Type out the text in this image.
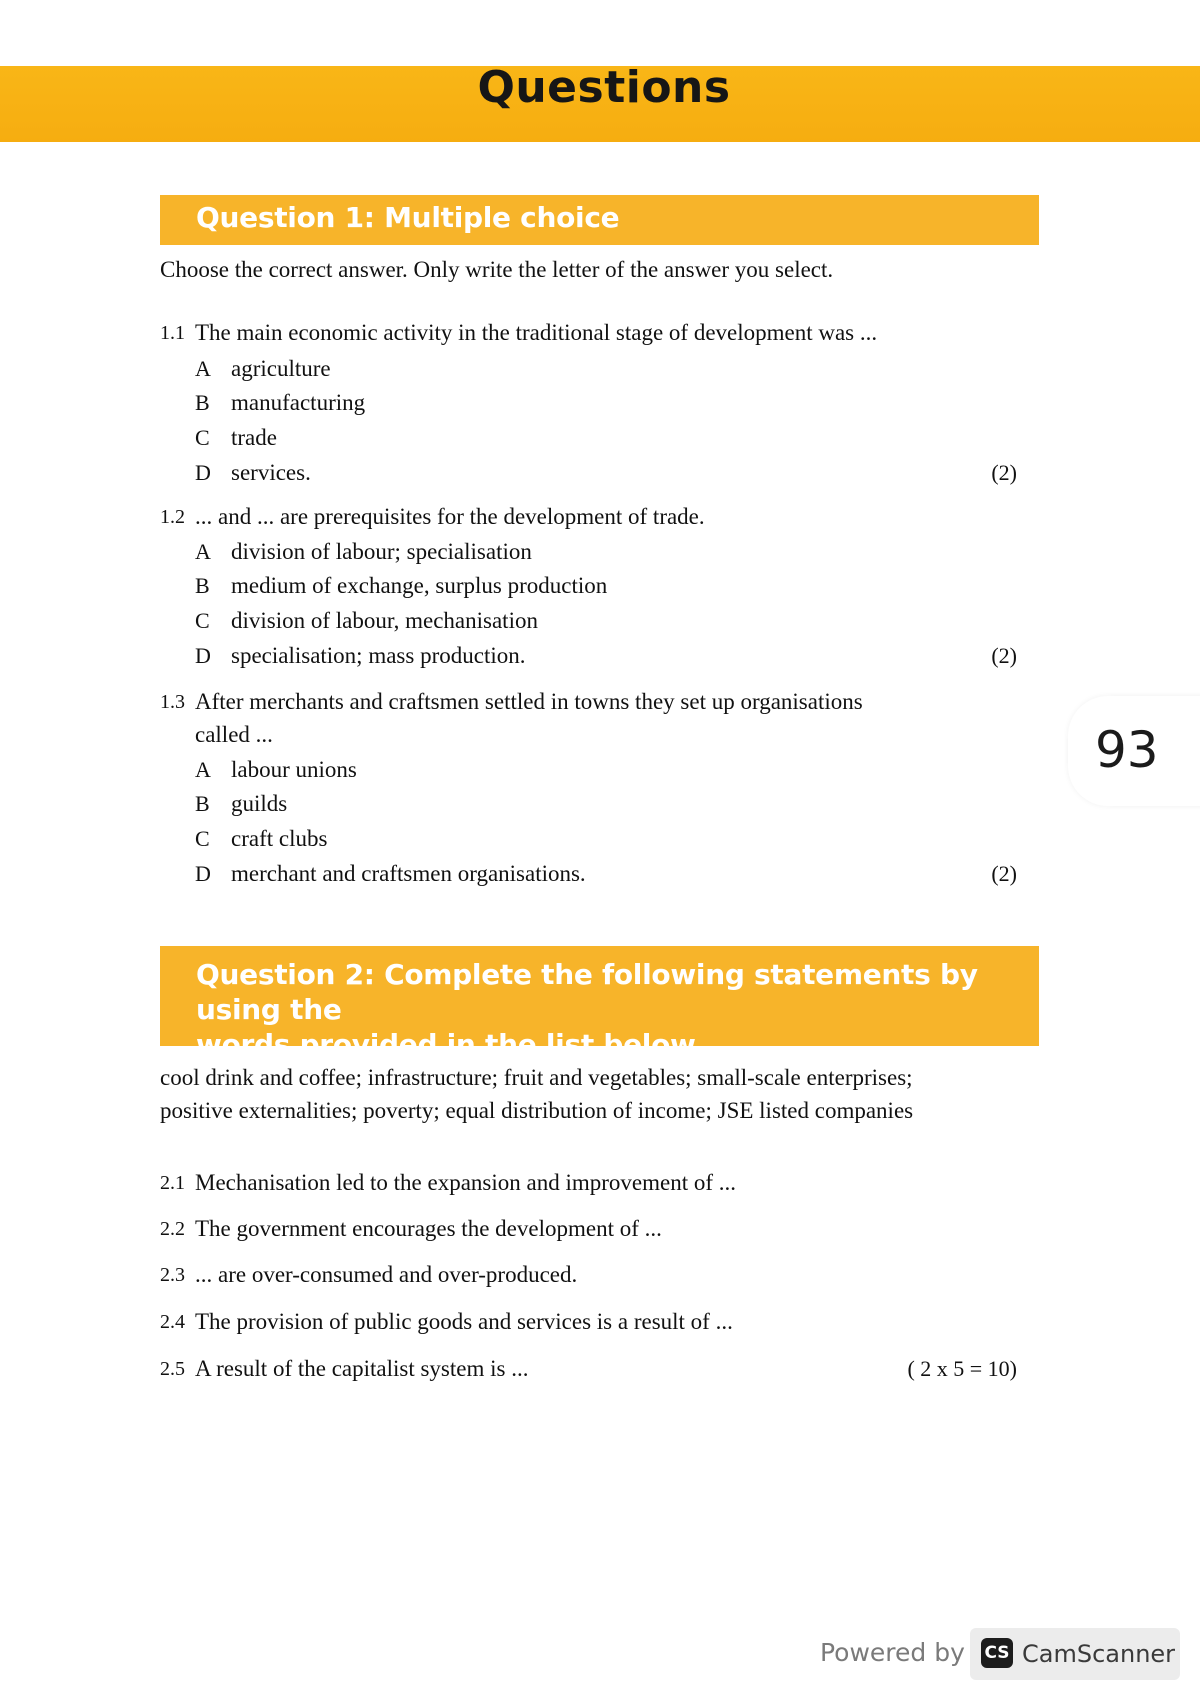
Questions
Question 1: Multiple choice
Choose the correct answer. Only write the letter of the answer you select.
1.1 The main economic activity in the traditional stage of development was ...
A agriculture
B manufacturing
C trade
D services.	(2)
1.2 ... and ... are prerequisites for the development of trade.
A division of labour; specialisation
B medium of exchange, surplus production
C division of labour, mechanisation
D specialisation; mass production.	(2)
1.3 After merchants and craftsmen settled in towns they set up organisations
called ...
A labour unions
B guilds
C craft clubs
D merchant and craftsmen organisations.	(2)
93
Question 2: Complete the following statements by using the
words provided in the list below
cool drink and coffee; infrastructure; fruit and vegetables; small-scale enterprises;
positive externalities; poverty; equal distribution of income; JSE listed companies
2.1 Mechanisation led to the expansion and improvement of ...
2.2 The government encourages the development of ...
2.3 ... are over-consumed and over-produced.
2.4 The provision of public goods and services is a result of ...
2.5 A result of the capitalist system is ...	( 2 x 5 = 10)
Powered by CS CamScanner
